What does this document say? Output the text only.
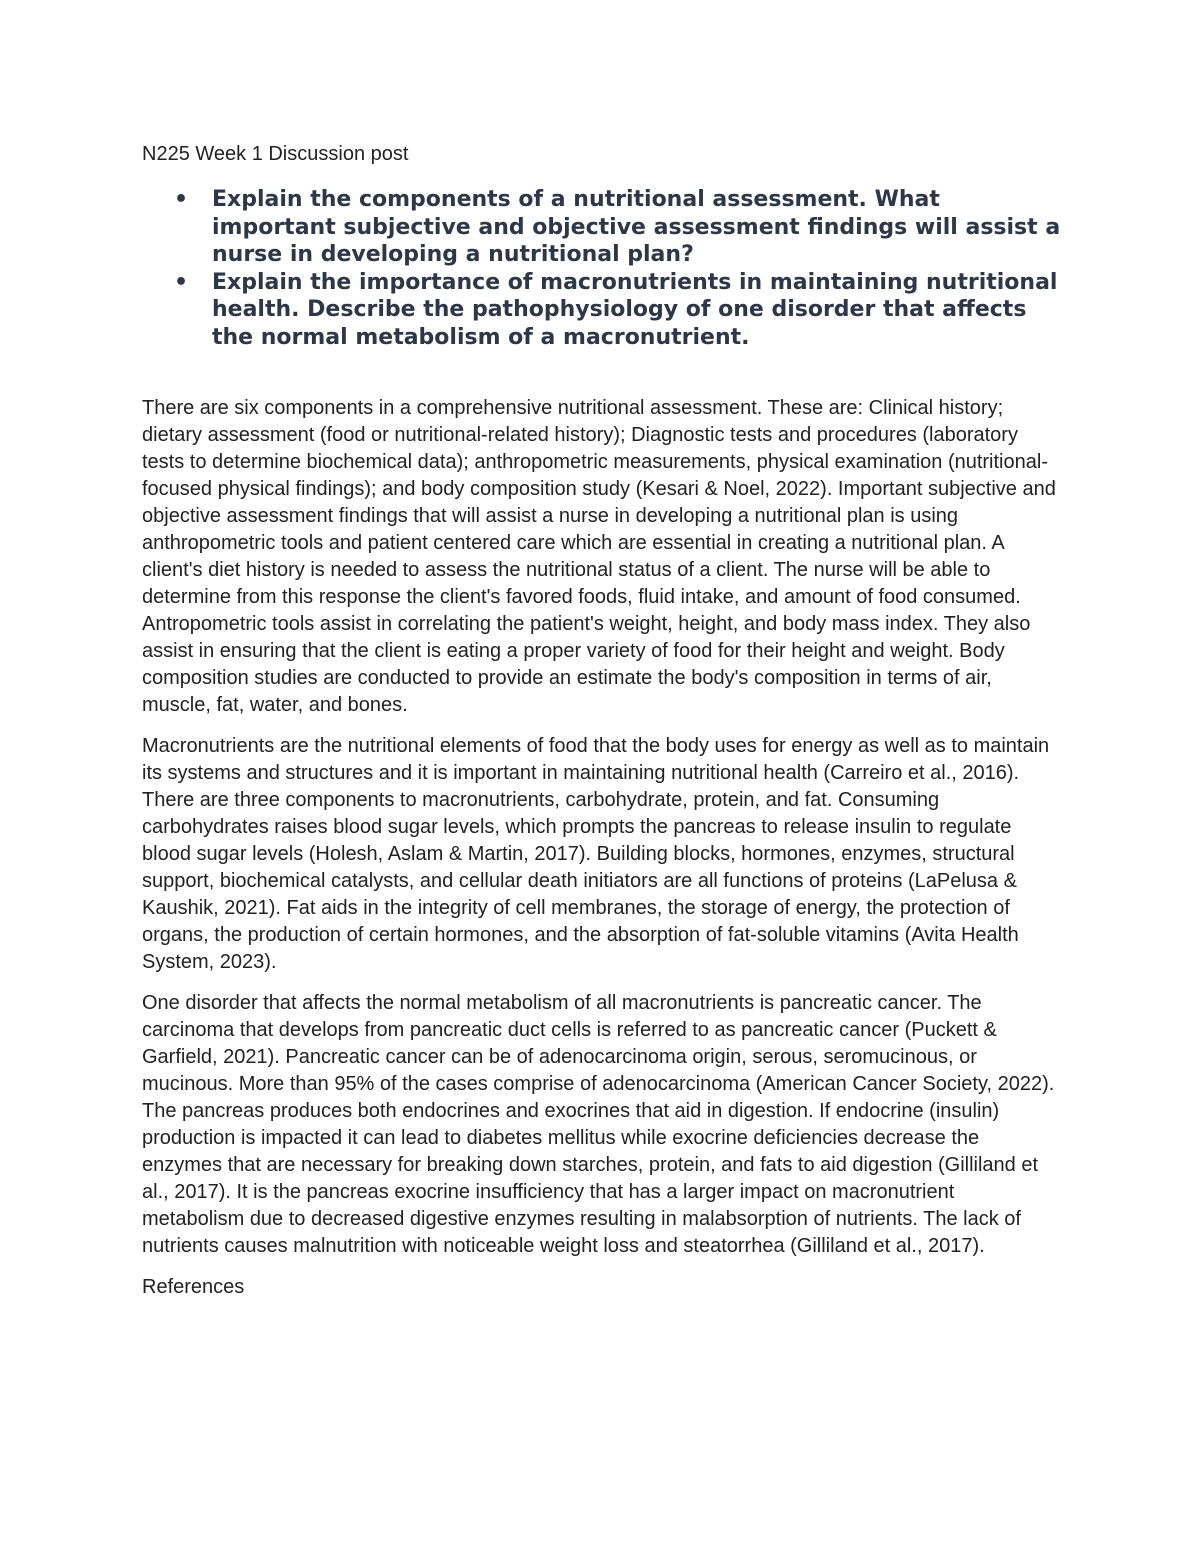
N225 Week 1 Discussion post
• Explain the components of a nutritional assessment. What important subjective and objective assessment findings will assist a nurse in developing a nutritional plan?
• Explain the importance of macronutrients in maintaining nutritional health. Describe the pathophysiology of one disorder that affects the normal metabolism of a macronutrient.

There are six components in a comprehensive nutritional assessment. These are: Clinical history; dietary assessment (food or nutritional-related history); Diagnostic tests and procedures (laboratory tests to determine biochemical data); anthropometric measurements, physical examination (nutritional-focused physical findings); and body composition study (Kesari & Noel, 2022). Important subjective and objective assessment findings that will assist a nurse in developing a nutritional plan is using anthropometric tools and patient centered care which are essential in creating a nutritional plan. A client's diet history is needed to assess the nutritional status of a client. The nurse will be able to determine from this response the client's favored foods, fluid intake, and amount of food consumed. Antropometric tools assist in correlating the patient's weight, height, and body mass index. They also assist in ensuring that the client is eating a proper variety of food for their height and weight. Body composition studies are conducted to provide an estimate the body's composition in terms of air, muscle, fat, water, and bones.

Macronutrients are the nutritional elements of food that the body uses for energy as well as to maintain its systems and structures and it is important in maintaining nutritional health (Carreiro et al., 2016). There are three components to macronutrients, carbohydrate, protein, and fat. Consuming carbohydrates raises blood sugar levels, which prompts the pancreas to release insulin to regulate blood sugar levels (Holesh, Aslam & Martin, 2017). Building blocks, hormones, enzymes, structural support, biochemical catalysts, and cellular death initiators are all functions of proteins (LaPelusa & Kaushik, 2021). Fat aids in the integrity of cell membranes, the storage of energy, the protection of organs, the production of certain hormones, and the absorption of fat-soluble vitamins (Avita Health System, 2023).

One disorder that affects the normal metabolism of all macronutrients is pancreatic cancer. The carcinoma that develops from pancreatic duct cells is referred to as pancreatic cancer (Puckett & Garfield, 2021). Pancreatic cancer can be of adenocarcinoma origin, serous, seromucinous, or mucinous. More than 95% of the cases comprise of adenocarcinoma (American Cancer Society, 2022). The pancreas produces both endocrines and exocrines that aid in digestion. If endocrine (insulin) production is impacted it can lead to diabetes mellitus while exocrine deficiencies decrease the enzymes that are necessary for breaking down starches, protein, and fats to aid digestion (Gilliland et al., 2017). It is the pancreas exocrine insufficiency that has a larger impact on macronutrient metabolism due to decreased digestive enzymes resulting in malabsorption of nutrients. The lack of nutrients causes malnutrition with noticeable weight loss and steatorrhea (Gilliland et al., 2017).

References
